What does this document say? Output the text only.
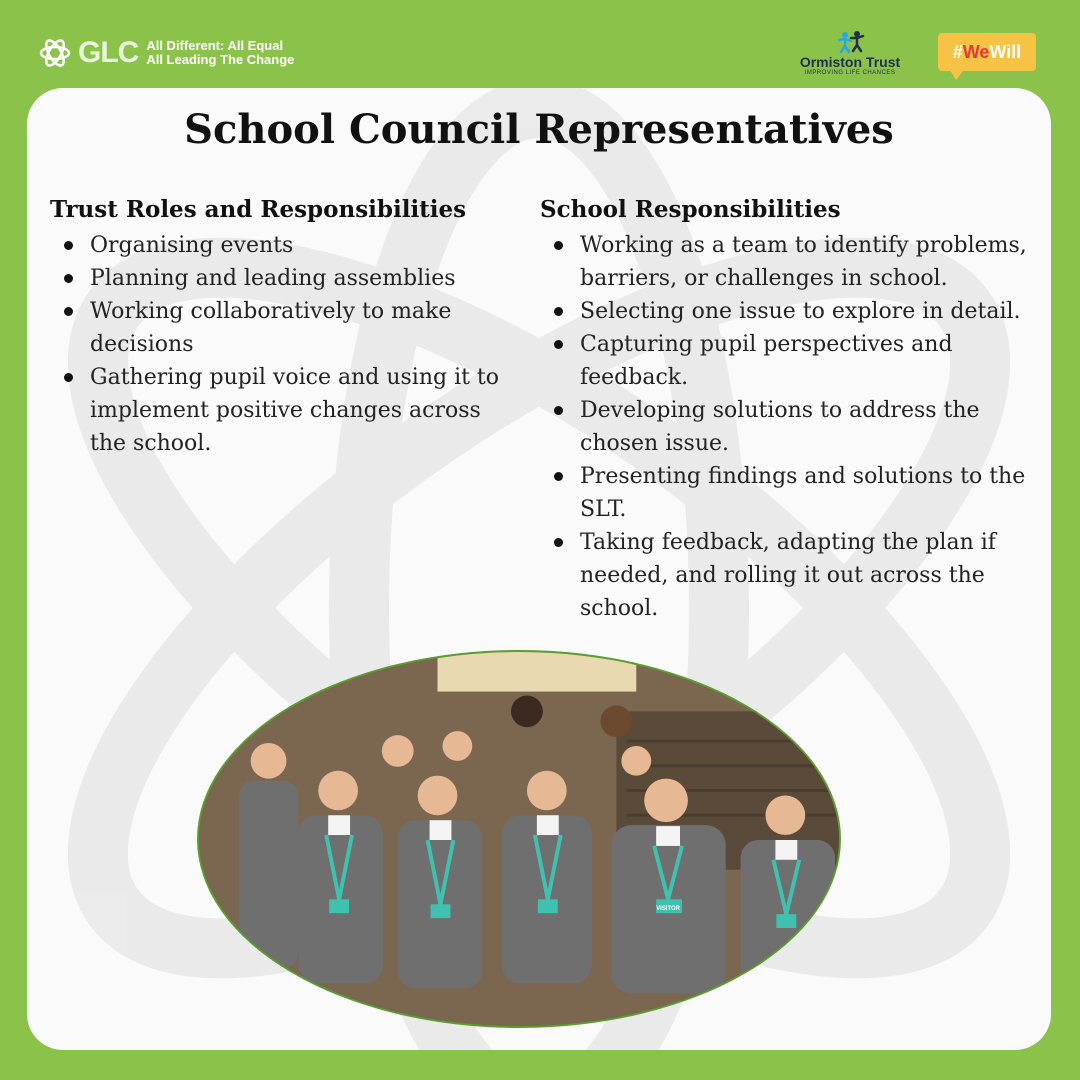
GLC All Different: All Equal
All Leading The Change	Ormiston Trust
IMPROVING LIFE CHANCES
#WeWill
School Council Representatives
Trust Roles and Responsibilities
Organising events
Planning and leading assemblies
Working collaboratively to make decisions
Gathering pupil voice and using it to implement positive changes across the school.
School Responsibilities
Working as a team to identify problems, barriers, or challenges in school.
Selecting one issue to explore in detail.
Capturing pupil perspectives and feedback.
Developing solutions to address the chosen issue.
Presenting findings and solutions to the SLT.
Taking feedback, adapting the plan if needed, and rolling it out across the school.
VISITOR
